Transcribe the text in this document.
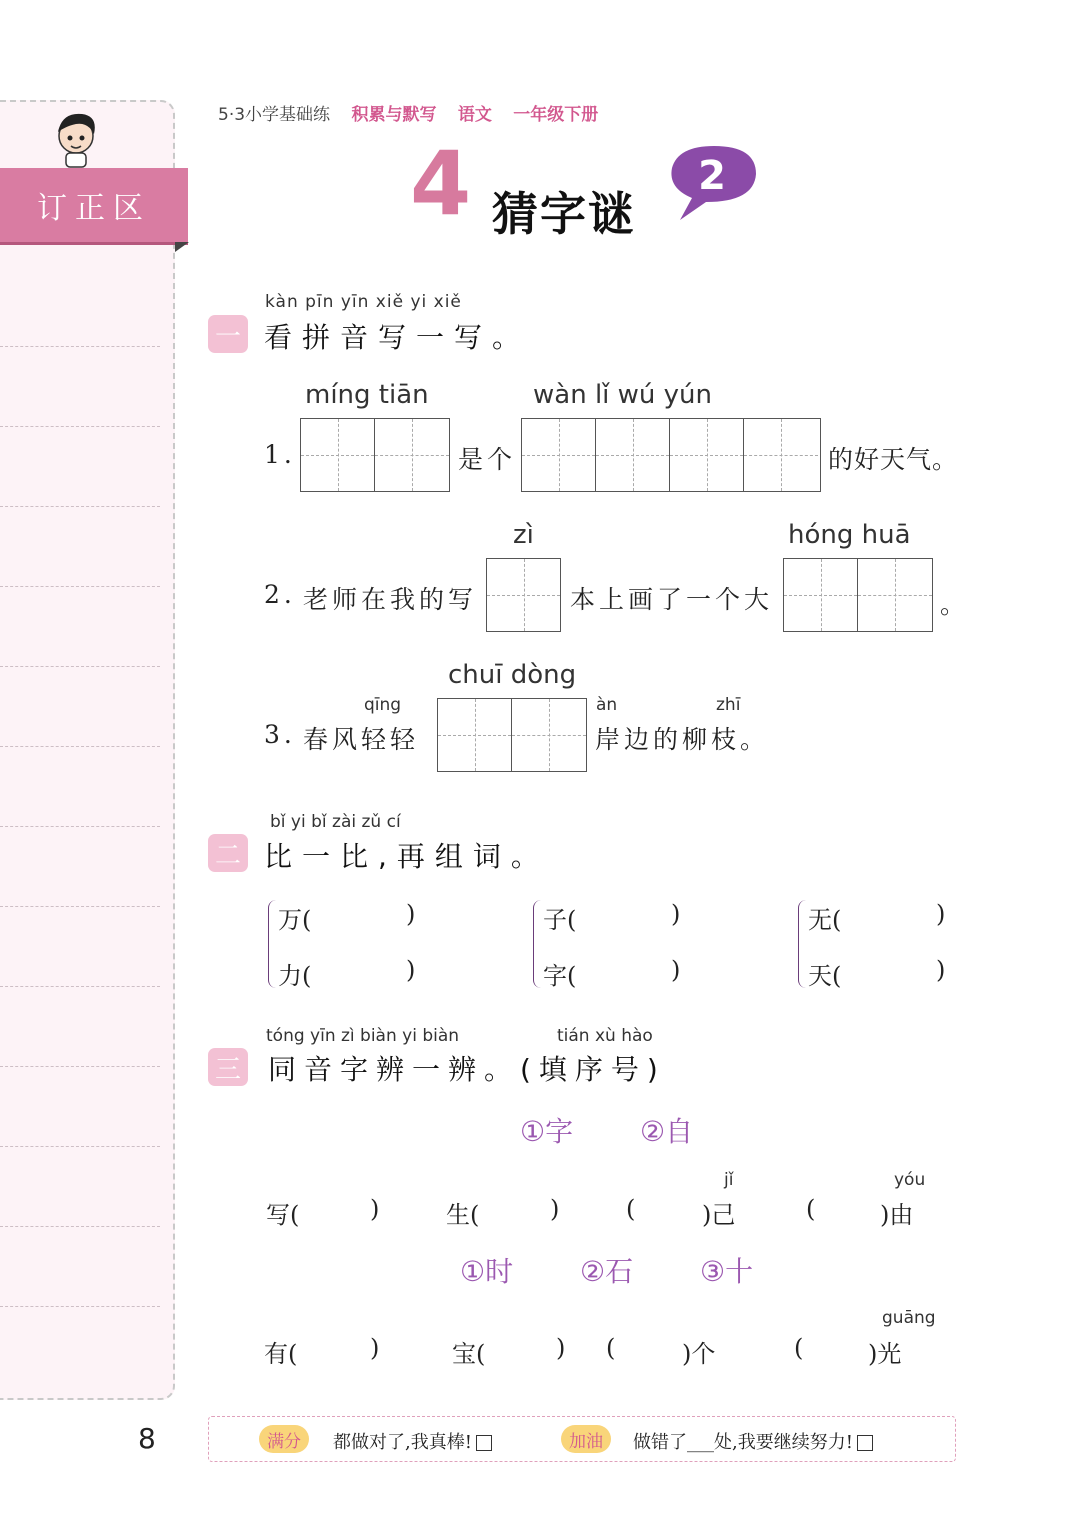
订正区
5·3小学基础练 积累与默写 语文 一年级下册
4 猜字谜
2
一
kàn pīn yīn xiě yi xiě
看拼音写一写。
míng tiān	wàn lǐ wú yún
1.	是个	的好天气。
zì	hóng huā
2. 老师在我的写	本上画了一个大	。
chuī dòng
qīng	àn	zhī
3. 春风轻轻	岸边的柳枝。
二
bǐ yi bǐ zài zǔ cí
比一比,再组词。
万(	)
力(	)
子(	)
字(	)
无(	)
天(	)
三
tóng yīn zì biàn yi biàn	tián xù hào
同音字辨一辨。(填序号)
①字 ②自
jǐ	yóu
写(	)	生(	)	(	)己	(	)由
①时 ②石 ③十
guāng
有(	)	宝(	) (	)个	(	)光
8	满分	都做对了,我真棒!	加油	做错了___处,我要继续努力!
